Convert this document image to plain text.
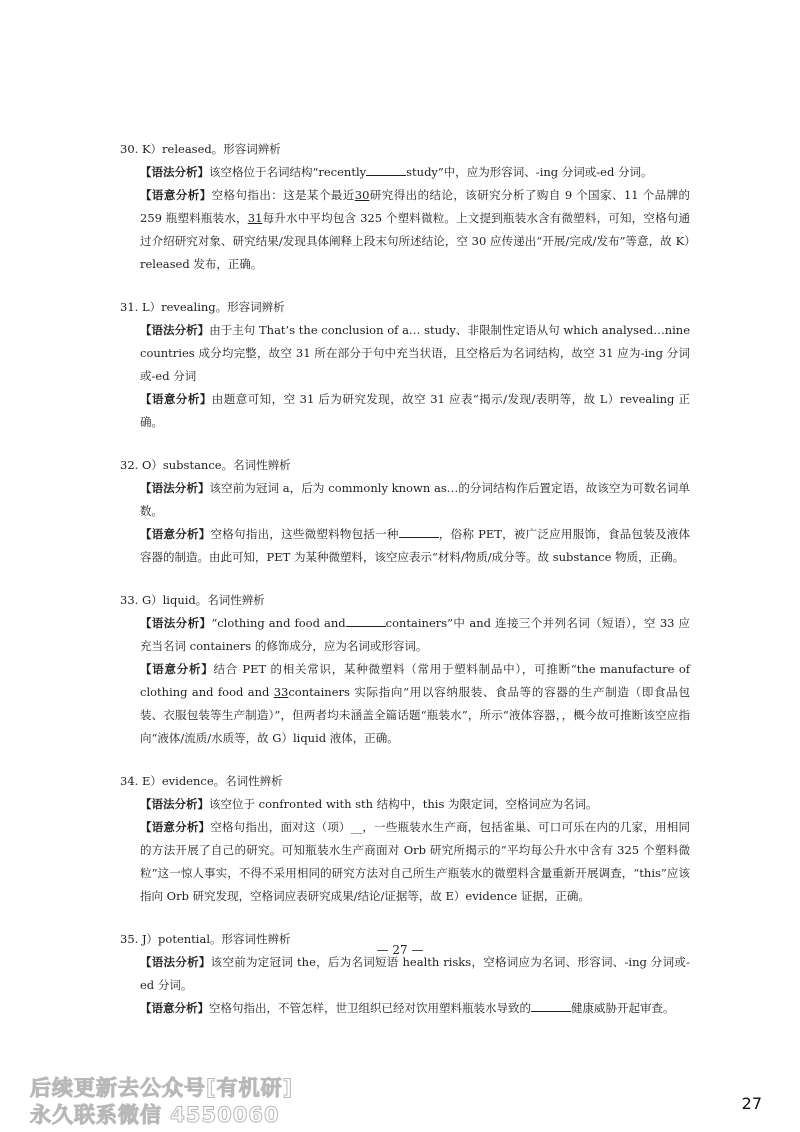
30. K）released。形容词辨析
【语法分析】该空格位于名词结构“recently	study”中，应为形容词、-ing 分词或-ed 分词。
【语意分析】空格句指出：这是某个最近30研究得出的结论，该研究分析了购自 9 个国家、11 个品牌的 259 瓶塑料瓶装水，31每升水中平均包含 325 个塑料微粒。上文提到瓶装水含有微塑料，可知，空格句通过介绍研究对象、研究结果/发现具体阐释上段末句所述结论，空 30 应传递出“开展/完成/发布”等意，故 K）released 发布，正确。
31. L）revealing。形容词辨析
【语法分析】由于主句 That’s the conclusion of a… study、非限制性定语从句 which analysed…nine countries 成分均完整，故空 31 所在部分于句中充当状语，且空格后为名词结构，故空 31 应为-ing 分词或-ed 分词
【语意分析】由题意可知，空 31 后为研究发现，故空 31 应表“揭示/发现/表明等，故 L）revealing 正确。
32. O）substance。名词性辨析
【语法分析】该空前为冠词 a，后为 commonly known as…的分词结构作后置定语，故该空为可数名词单数。
【语意分析】空格句指出，这些微塑料物包括一种	，俗称 PET，被广泛应用服饰，食品包装及液体容器的制造。由此可知，PET 为某种微塑料，该空应表示“材料/物质/成分等。故 substance 物质，正确。
33. G）liquid。名词性辨析
【语法分析】“clothing and food and	containers”中 and 连接三个并列名词（短语），空 33 应充当名词 containers 的修饰成分，应为名词或形容词。
【语意分析】结合 PET 的相关常识，某种微塑料（常用于塑料制品中），可推断“the manufacture of clothing and food and 33containers 实际指向“用以容纳服装、食品等的容器的生产制造（即食品包装、衣服包装等生产制造）”，但两者均未涵盖全篇话题“瓶装水”，所示“液体容器，，概今故可推断该空应指向“液体/流质/水质等，故 G）liquid 液体，正确。
34. E）evidence。名词性辨析
【语法分析】该空位于 confronted with sth 结构中，this 为限定词，空格词应为名词。
【语意分析】空格句指出，面对这（项）__，一些瓶装水生产商，包括雀巢、可口可乐在内的几家，用相同的方法开展了自己的研究。可知瓶装水生产商面对 Orb 研究所揭示的“平均每公升水中含有 325 个塑料微粒”这一惊人事实，不得不采用相同的研究方法对自己所生产瓶装水的微塑料含量重新开展调查，“this”应该指向 Orb 研究发现，空格词应表研究成果/结论/证据等，故 E）evidence 证据，正确。
35. J）potential。形容词性辨析
【语法分析】该空前为定冠词 the，后为名词短语 health risks，空格词应为名词、形容词、-ing 分词或-ed 分词。
【语意分析】空格句指出，不管怎样，世卫组织已经对饮用塑料瓶装水导致的	健康威胁开起审查。
— 27 —
27
后续更新去公众号[有机研]
永久联系微信 4550060
